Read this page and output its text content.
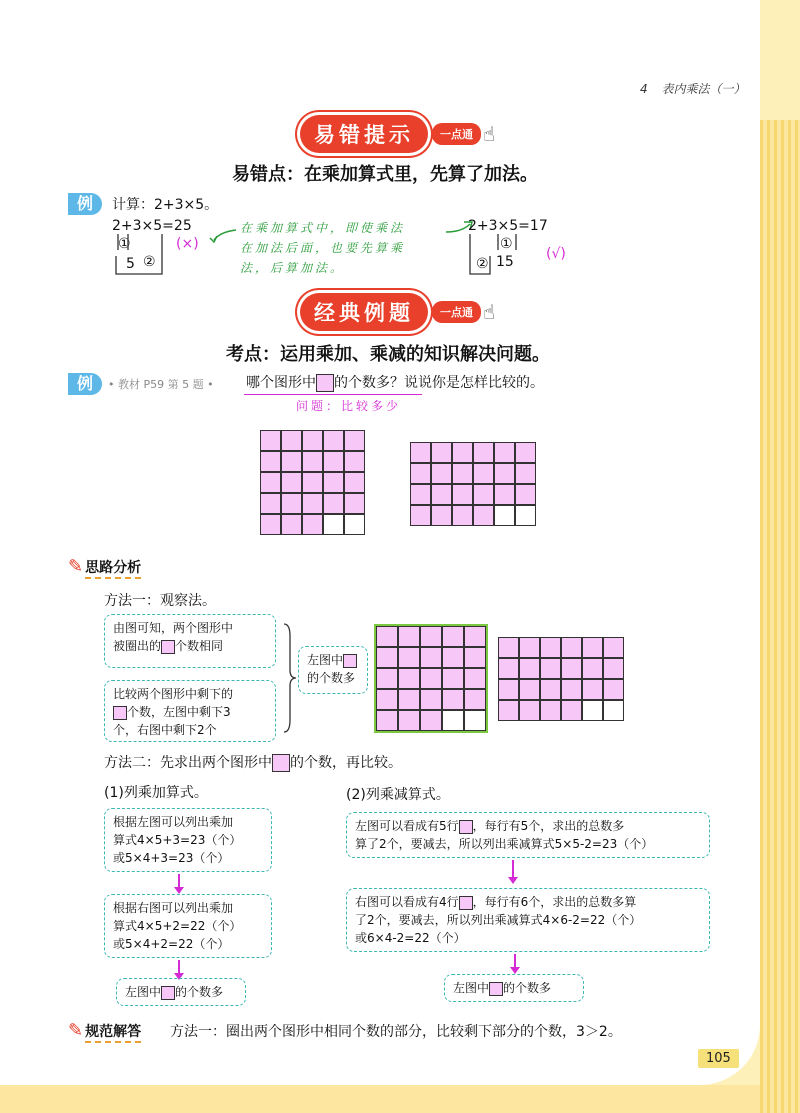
4 表内乘法（一）
易错提示	一点通 ☝
易错点：在乘加算式里，先算了加法。
例	计算：2+3×5。
2+3×5=25
①
5 ②
(×)
在乘加算式中，即使乘法
在加法后面，也要先算乘
法，后算加法。
2+3×5=17
①
② 15 (√)
经典例题	一点通 ☝
考点：运用乘加、乘减的知识解决问题。
例	• 教材 P59 第 5 题 • 哪个图形中 的个数多？说说你是怎样比较的。
问题：比较多少
✎ 思路分析
方法一：观察法。
由图可知，两个图形中
被圈出的 个数相同
比较两个图形中剩下的
个数，左图中剩下3
个，右图中剩下2个
左图中
的个数多
方法二：先求出两个图形中 的个数，再比较。
(1)列乘加算式。	(2)列乘减算式。
根据左图可以列出乘加
算式4×5+3=23（个）
或5×4+3=23（个）
根据右图可以列出乘加
算式4×5+2=22（个）
或5×4+2=22（个）
左图中 的个数多
左图可以看成有5行 ，每行有5个，求出的总数多
算了2个，要减去，所以列出乘减算式5×5-2=23（个）
右图可以看成有4行 ，每行有6个，求出的总数多算
了2个，要减去，所以列出乘减算式4×6-2=22（个）
或6×4-2=22（个）
左图中 的个数多
✎ 规范解答 方法一：圈出两个图形中相同个数的部分，比较剩下部分的个数，3＞2。
105
